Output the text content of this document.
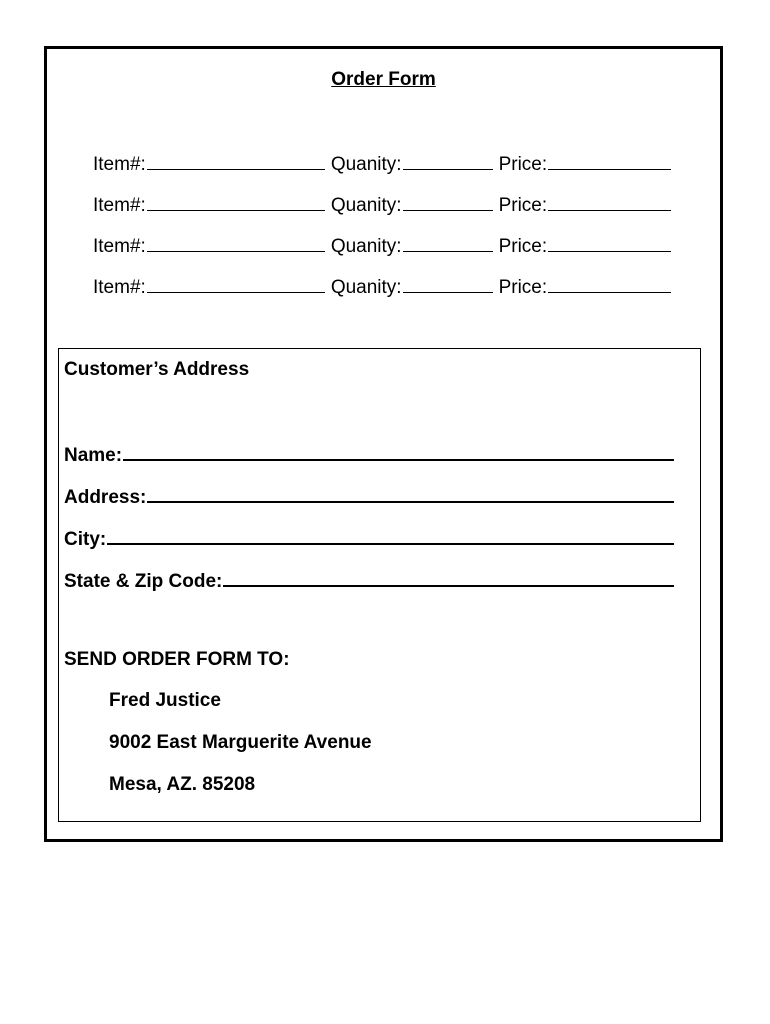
Order Form
Item#:	Quanity:	Price:
Item#:	Quanity:	Price:
Item#:	Quanity:	Price:
Item#:	Quanity:	Price:
Customer’s Address
Name:
Address:
City:
State & Zip Code:
SEND ORDER FORM TO:
Fred Justice
9002 East Marguerite Avenue
Mesa, AZ. 85208
